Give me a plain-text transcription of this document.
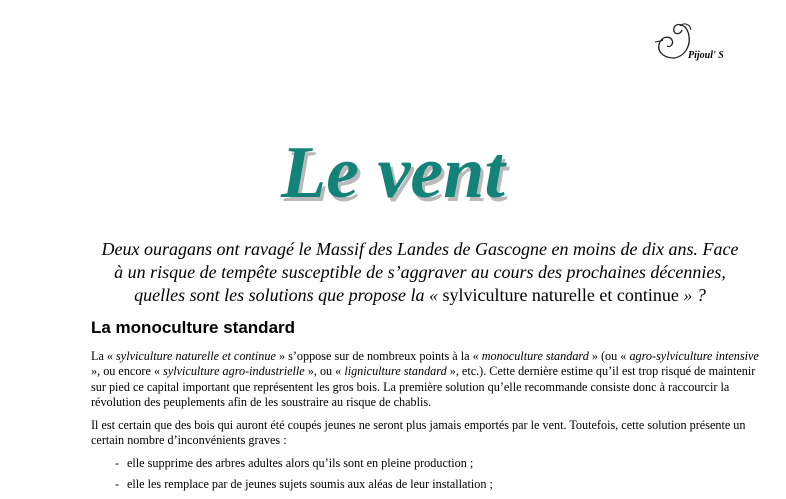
Pijoul' S
Le vent

Deux ouragans ont ravagé le Massif des Landes de Gascogne en moins de dix ans. Face
à un risque de tempête susceptible de s’aggraver au cours des prochaines décennies,
quelles sont les solutions que propose la « sylviculture naturelle et continue » ?

La monoculture standard

La « sylviculture naturelle et continue » s’oppose sur de nombreux points à la « monoculture standard » (ou « agro-sylviculture intensive », ou encore « sylviculture agro-industrielle », ou « ligniculture standard », etc.). Cette dernière estime qu’il est trop risqué de maintenir sur pied ce capital important que représentent les gros bois. La première solution qu’elle recommande consiste donc à raccourcir la révolution des peuplements afin de les soustraire au risque de chablis.

Il est certain que des bois qui auront été coupés jeunes ne seront plus jamais emportés par le vent. Toutefois, cette solution présente un certain nombre d’inconvénients graves :

- elle supprime des arbres adultes alors qu’ils sont en pleine production ;
- elle les remplace par de jeunes sujets soumis aux aléas de leur installation ;
